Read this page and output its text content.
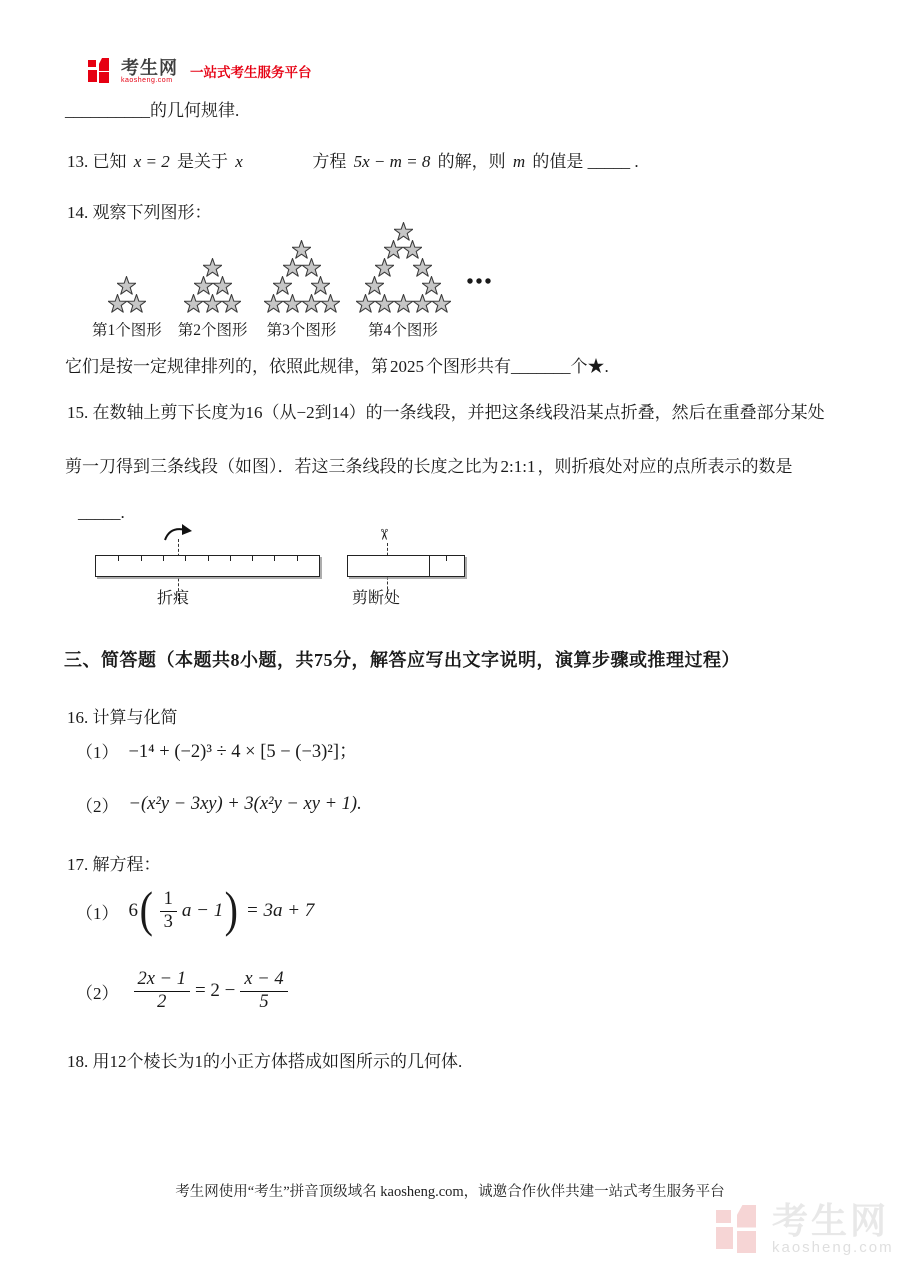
考生网
kaosheng.com
一站式考生服务平台
__________的几何规律.
13. 已知 x = 2 是关于 x	方程 5x − m = 8 的解，则 m 的值是 _____ .
14. 观察下列图形：
第1个图形 第2个图形 第3个图形 第4个图形
•••
它们是按一定规律排列的，依照此规律，第 2025 个图形共有_______个★.
15. 在数轴上剪下长度为16（从−2到14）的一条线段，并把这条线段沿某点折叠，然后在重叠部分某处
剪一刀得到三条线段（如图）．若这三条线段的长度之比为 2:1:1 ，则折痕处对应的点所表示的数是
_____.
折痕
✂
剪断处
三、简答题（本题共8小题，共75分，解答应写出文字说明，演算步骤或推理过程）
16. 计算与化简
（1） −1⁴ + (−2)³ ÷ 4 × [5 − (−3)²]；
（2） −(x²y − 3xy) + 3(x²y − xy + 1).
17. 解方程：
（1） 6 ( $\frac{1}{3}$ a − 1 ) = 3a + 7
$(2) \frac{2x - 1}{2} = 2 - \frac{x - 4}{5}$
18. 用12个棱长为1的小正方体搭成如图所示的几何体.
考生网使用“考生”拼音顶级域名 kaosheng.com，诚邀合作伙伴共建一站式考生服务平台
考生网
kaosheng.com
